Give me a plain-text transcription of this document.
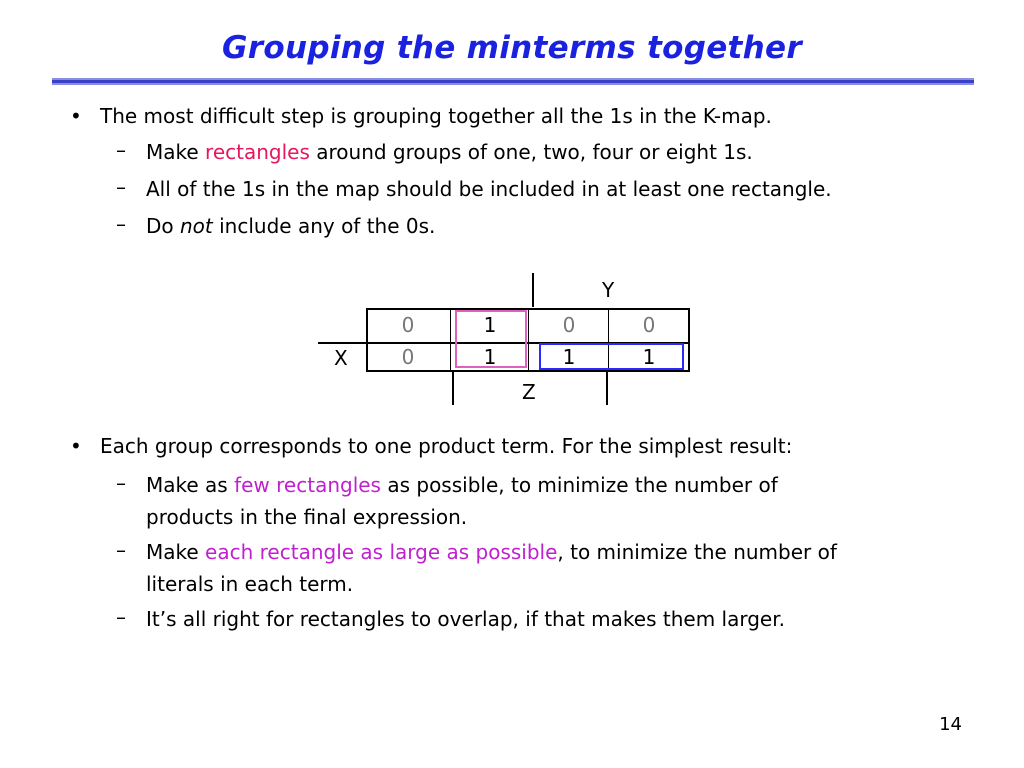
Grouping the minterms together
• The most difficult step is grouping together all the 1s in the K-map.
– Make rectangles around groups of one, two, four or eight 1s.
– All of the 1s in the map should be included in at least one rectangle.
– Do not include any of the 0s.
Y
X
0	1	0	0
0	1	1	1
Z
• Each group corresponds to one product term. For the simplest result:
– Make as few rectangles as possible, to minimize the number of
products in the final expression.
– Make each rectangle as large as possible, to minimize the number of
literals in each term.
– It’s all right for rectangles to overlap, if that makes them larger.
14
